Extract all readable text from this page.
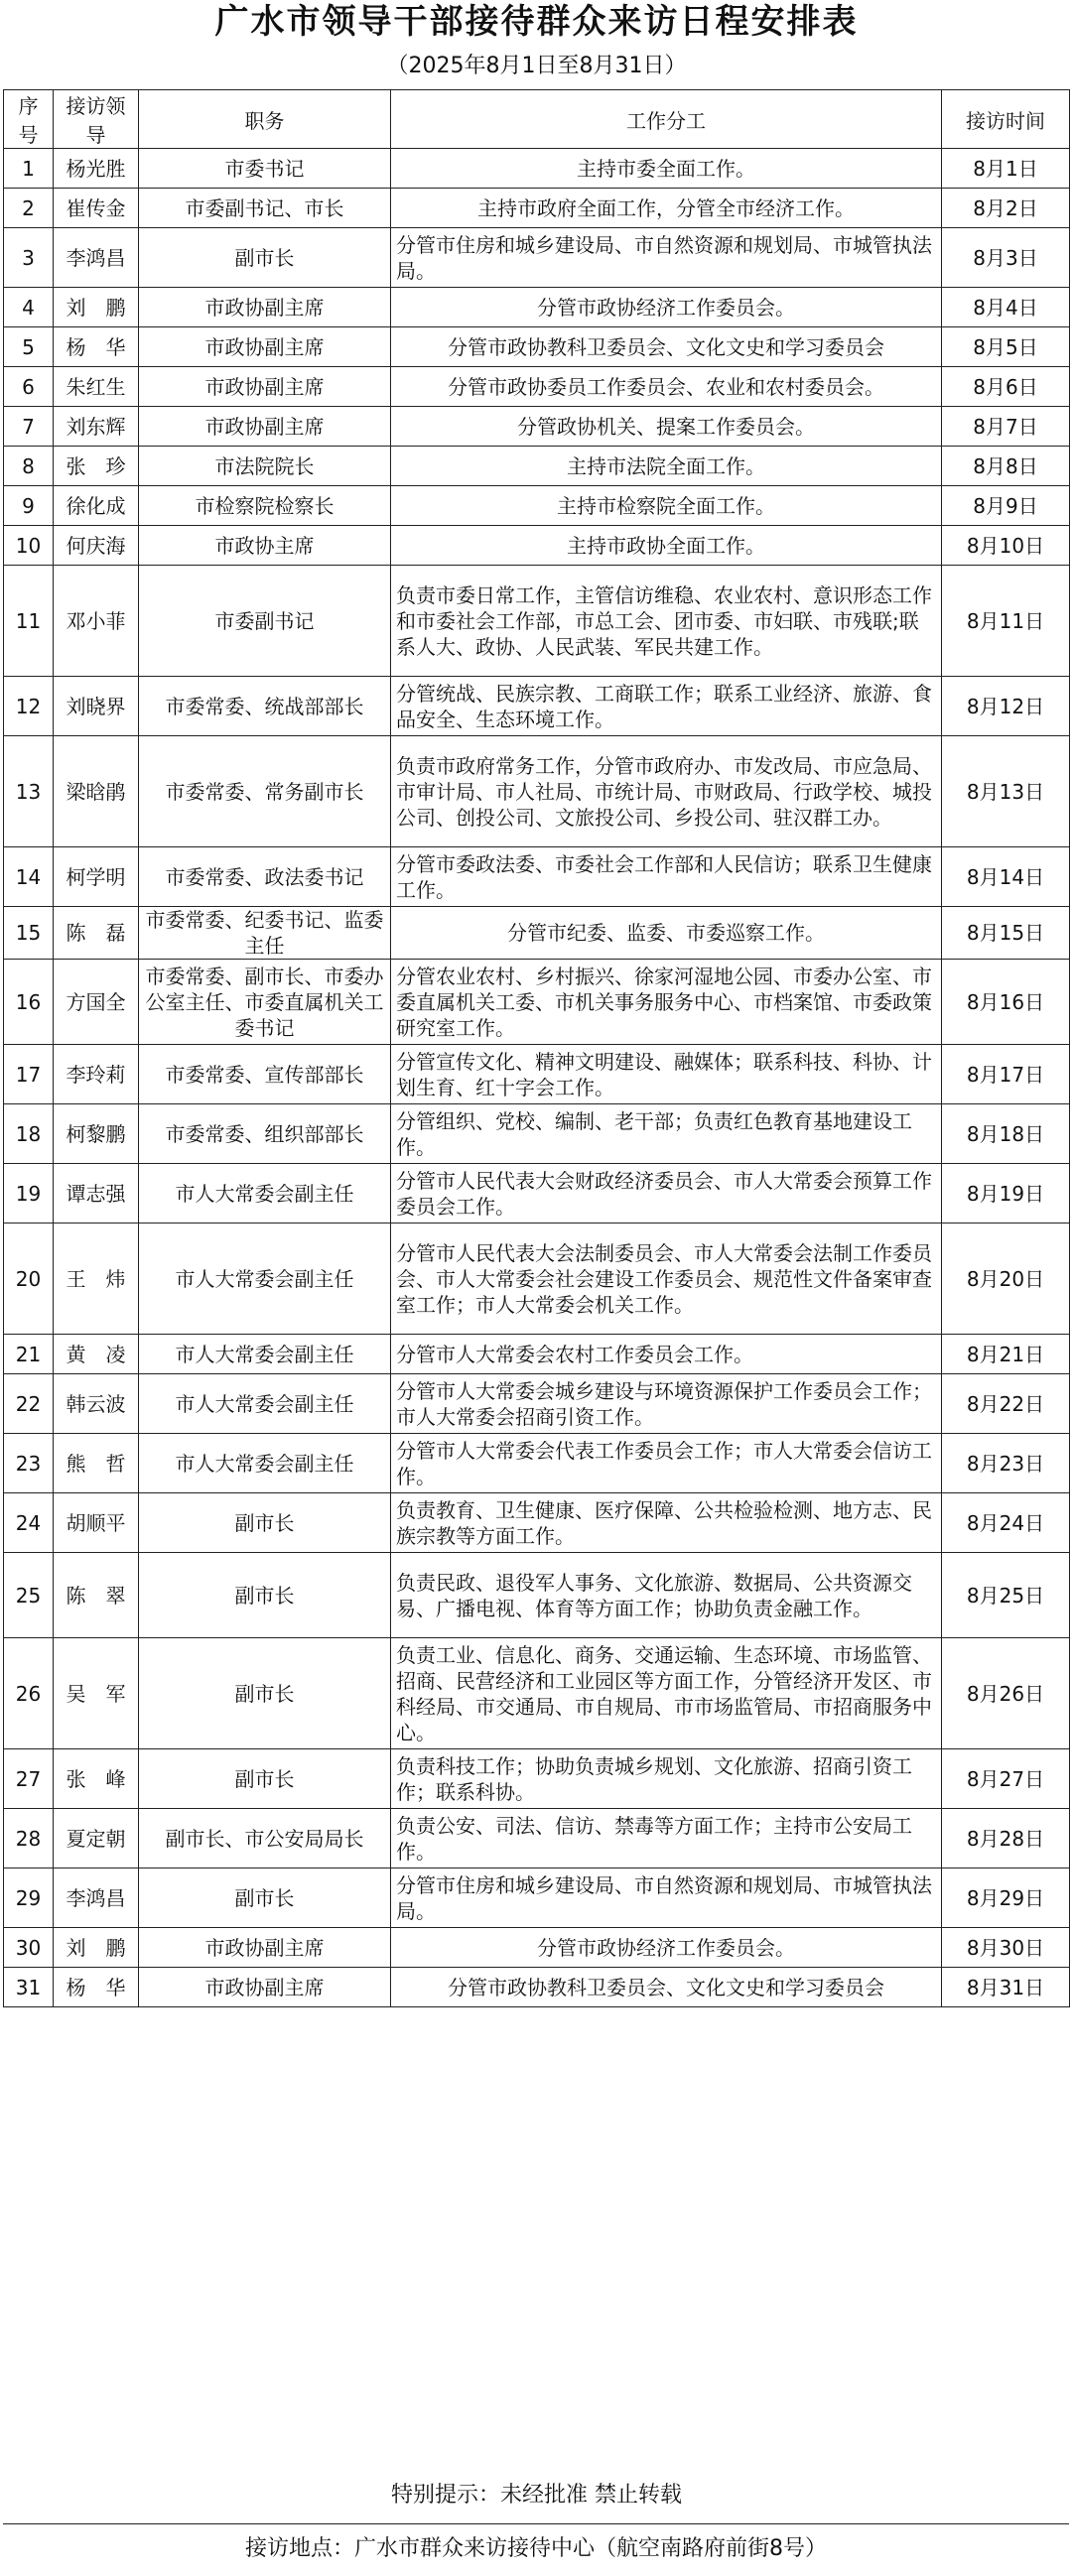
广水市领导干部接待群众来访日程安排表
（2025年8月1日至8月31日）
序号	接访领导	职务	工作分工	接访时间
1	杨光胜	市委书记	主持市委全面工作。	8月1日
2	崔传金	市委副书记、市长	主持市政府全面工作，分管全市经济工作。	8月2日
3	李鸿昌	副市长	分管市住房和城乡建设局、市自然资源和规划局、市城管执法局。	8月3日
4	刘　鹏	市政协副主席	分管市政协经济工作委员会。	8月4日
5	杨　华	市政协副主席	分管市政协教科卫委员会、文化文史和学习委员会	8月5日
6	朱红生	市政协副主席	分管市政协委员工作委员会、农业和农村委员会。	8月6日
7	刘东辉	市政协副主席	分管政协机关、提案工作委员会。	8月7日
8	张　珍	市法院院长	主持市法院全面工作。	8月8日
9	徐化成	市检察院检察长	主持市检察院全面工作。	8月9日
10	何庆海	市政协主席	主持市政协全面工作。	8月10日
11	邓小菲	市委副书记	负责市委日常工作，主管信访维稳、农业农村、意识形态工作和市委社会工作部，市总工会、团市委、市妇联、市残联;联系人大、政协、人民武装、军民共建工作。	8月11日
12	刘晓界	市委常委、统战部部长	分管统战、民族宗教、工商联工作；联系工业经济、旅游、食品安全、生态环境工作。	8月12日
13	梁晗鹃	市委常委、常务副市长	负责市政府常务工作，分管市政府办、市发改局、市应急局、市审计局、市人社局、市统计局、市财政局、行政学校、城投公司、创投公司、文旅投公司、乡投公司、驻汉群工办。	8月13日
14	柯学明	市委常委、政法委书记	分管市委政法委、市委社会工作部和人民信访；联系卫生健康工作。	8月14日
15	陈　磊	市委常委、纪委书记、监委主任	分管市纪委、监委、市委巡察工作。	8月15日
16	方国全	市委常委、副市长、市委办公室主任、市委直属机关工委书记	分管农业农村、乡村振兴、徐家河湿地公园、市委办公室、市委直属机关工委、市机关事务服务中心、市档案馆、市委政策研究室工作。	8月16日
17	李玲莉	市委常委、宣传部部长	分管宣传文化、精神文明建设、融媒体；联系科技、科协、计划生育、红十字会工作。	8月17日
18	柯黎鹏	市委常委、组织部部长	分管组织、党校、编制、老干部；负责红色教育基地建设工作。	8月18日
19	谭志强	市人大常委会副主任	分管市人民代表大会财政经济委员会、市人大常委会预算工作委员会工作。	8月19日
20	王　炜	市人大常委会副主任	分管市人民代表大会法制委员会、市人大常委会法制工作委员会、市人大常委会社会建设工作委员会、规范性文件备案审查室工作；市人大常委会机关工作。	8月20日
21	黄　凌	市人大常委会副主任	分管市人大常委会农村工作委员会工作。	8月21日
22	韩云波	市人大常委会副主任	分管市人大常委会城乡建设与环境资源保护工作委员会工作；市人大常委会招商引资工作。	8月22日
23	熊　哲	市人大常委会副主任	分管市人大常委会代表工作委员会工作；市人大常委会信访工作。	8月23日
24	胡顺平	副市长	负责教育、卫生健康、医疗保障、公共检验检测、地方志、民族宗教等方面工作。	8月24日
25	陈　翠	副市长	负责民政、退役军人事务、文化旅游、数据局、公共资源交易、广播电视、体育等方面工作；协助负责金融工作。	8月25日
26	吴　军	副市长	负责工业、信息化、商务、交通运输、生态环境、市场监管、招商、民营经济和工业园区等方面工作，分管经济开发区、市科经局、市交通局、市自规局、市市场监管局、市招商服务中心。	8月26日
27	张　峰	副市长	负责科技工作；协助负责城乡规划、文化旅游、招商引资工作；联系科协。	8月27日
28	夏定朝	副市长、市公安局局长	负责公安、司法、信访、禁毒等方面工作；主持市公安局工作。	8月28日
29	李鸿昌	副市长	分管市住房和城乡建设局、市自然资源和规划局、市城管执法局。	8月29日
30	刘　鹏	市政协副主席	分管市政协经济工作委员会。	8月30日
31	杨　华	市政协副主席	分管市政协教科卫委员会、文化文史和学习委员会	8月31日
特别提示：未经批准 禁止转载
接访地点：广水市群众来访接待中心（航空南路府前街8号）
